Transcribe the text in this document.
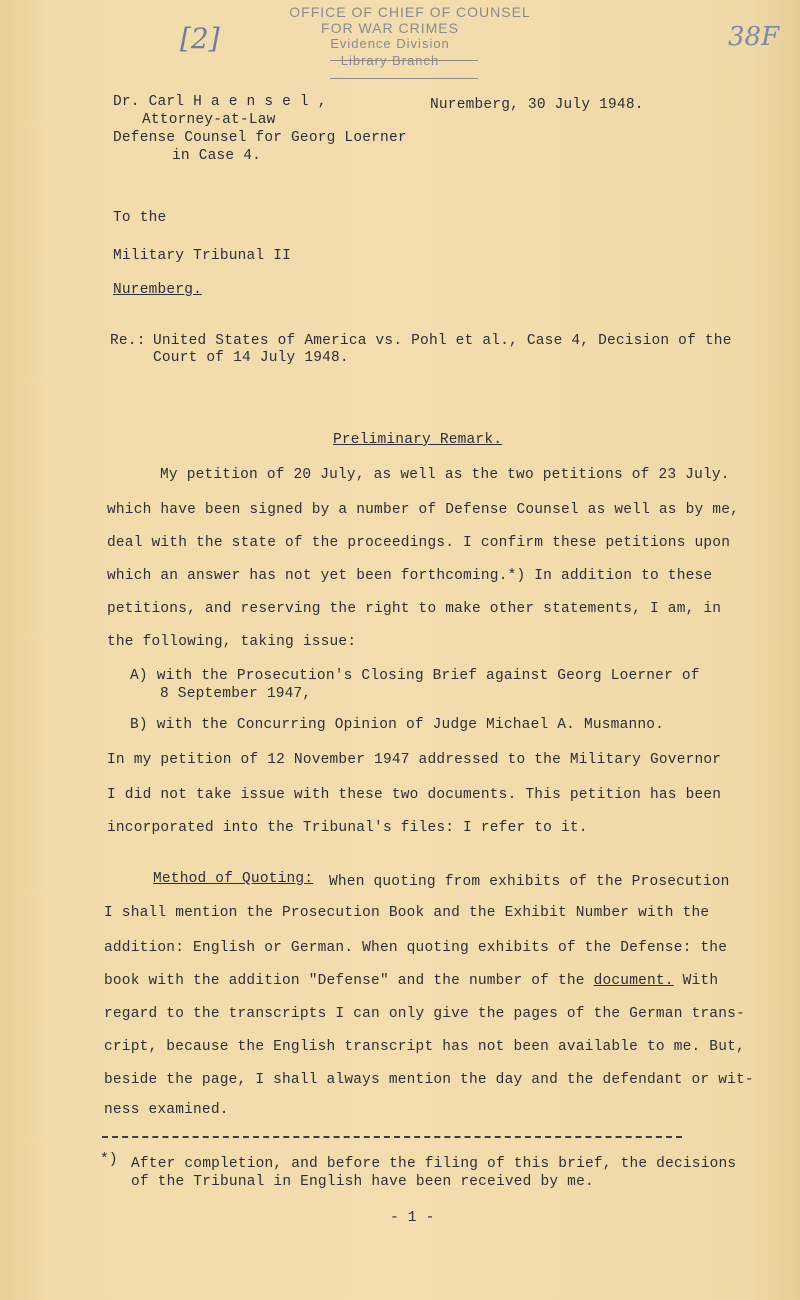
OFFICE OF CHIEF OF COUNSEL
FOR WAR CRIMES
Evidence Division
Library Branch
[2]	38F
Dr. Carl H a e n s e l ,
Attorney-at-Law
Defense Counsel for Georg Loerner
in Case 4.
Nuremberg, 30 July 1948.
To the
Military Tribunal II
Nuremberg.
Re.: United States of America vs. Pohl et al., Case 4, Decision of the
Court of 14 July 1948.
Preliminary Remark.
My petition of 20 July, as well as the two petitions of 23 July.
which have been signed by a number of Defense Counsel as well as by me,
deal with the state of the proceedings. I confirm these petitions upon
which an answer has not yet been forthcoming.*) In addition to these
petitions, and reserving the right to make other statements, I am, in
the following, taking issue:
A) with the Prosecution's Closing Brief against Georg Loerner of
8 September 1947,
B) with the Concurring Opinion of Judge Michael A. Musmanno.
In my petition of 12 November 1947 addressed to the Military Governor
I did not take issue with these two documents. This petition has been
incorporated into the Tribunal's files: I refer to it.
Method of Quoting: When quoting from exhibits of the Prosecution
I shall mention the Prosecution Book and the Exhibit Number with the
addition: English or German. When quoting exhibits of the Defense: the
book with the addition "Defense" and the number of the document. With
regard to the transcripts I can only give the pages of the German trans-
cript, because the English transcript has not been available to me. But,
beside the page, I shall always mention the day and the defendant or wit-
ness examined.
*) After completion, and before the filing of this brief, the decisions
of the Tribunal in English have been received by me.
- 1 -
